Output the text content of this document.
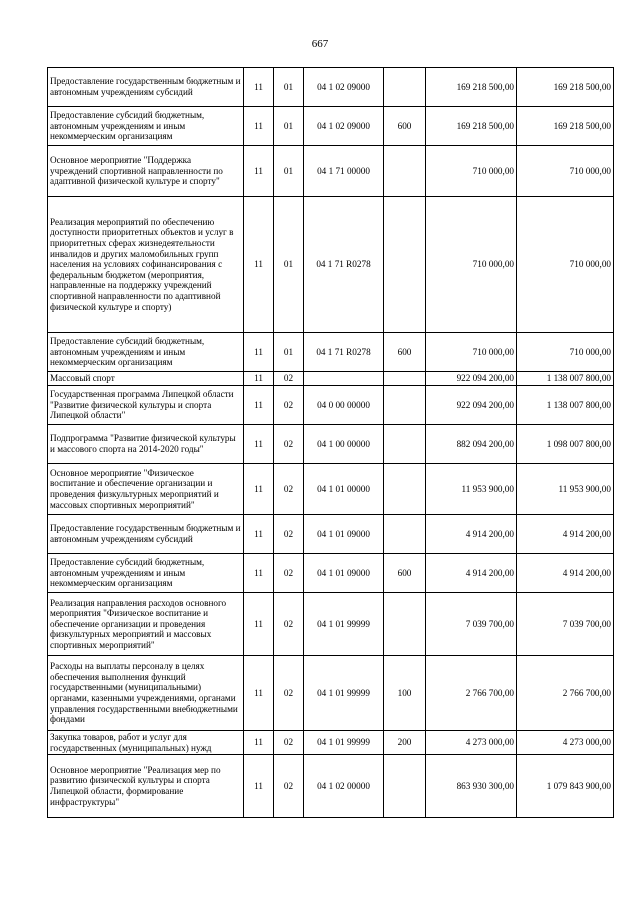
667
Предоставление государственным бюджетным и автономным учреждениям субсидий	11	01	04 1 02 09000		169 218 500,00	169 218 500,00
Предоставление субсидий бюджетным, автономным учреждениям и иным некоммерческим организациям	11	01	04 1 02 09000	600	169 218 500,00	169 218 500,00
Основное мероприятие "Поддержка учреждений спортивной направленности по адаптивной физической культуре и спорту"	11	01	04 1 71 00000		710 000,00	710 000,00
Реализация мероприятий по обеспечению доступности приоритетных объектов и услуг в приоритетных сферах жизнедеятельности инвалидов и других маломобильных групп населения на условиях софинансирования с федеральным бюджетом (мероприятия, направленные на поддержку учреждений спортивной направленности по адаптивной физической культуре и спорту)	11	01	04 1 71 R0278		710 000,00	710 000,00
Предоставление субсидий бюджетным, автономным учреждениям и иным некоммерческим организациям	11	01	04 1 71 R0278	600	710 000,00	710 000,00
Массовый спорт	11	02			922 094 200,00	1 138 007 800,00
Государственная программа Липецкой области "Развитие физической культуры и спорта Липецкой области"	11	02	04 0 00 00000		922 094 200,00	1 138 007 800,00
Подпрограмма "Развитие физической культуры и массового спорта на 2014-2020 годы"	11	02	04 1 00 00000		882 094 200,00	1 098 007 800,00
Основное мероприятие "Физическое воспитание и обеспечение организации и проведения физкультурных мероприятий и массовых спортивных мероприятий"	11	02	04 1 01 00000		11 953 900,00	11 953 900,00
Предоставление государственным бюджетным и автономным учреждениям субсидий	11	02	04 1 01 09000		4 914 200,00	4 914 200,00
Предоставление субсидий бюджетным, автономным учреждениям и иным некоммерческим организациям	11	02	04 1 01 09000	600	4 914 200,00	4 914 200,00
Реализация направления расходов основного мероприятия "Физическое воспитание и обеспечение организации и проведения физкультурных мероприятий и массовых спортивных мероприятий"	11	02	04 1 01 99999		7 039 700,00	7 039 700,00
Расходы на выплаты персоналу в целях обеспечения выполнения функций государственными (муниципальными) органами, казенными учреждениями, органами управления государственными внебюджетными фондами	11	02	04 1 01 99999	100	2 766 700,00	2 766 700,00
Закупка товаров, работ и услуг для государственных (муниципальных) нужд	11	02	04 1 01 99999	200	4 273 000,00	4 273 000,00
Основное мероприятие "Реализация мер по развитию физической культуры и спорта Липецкой области, формирование инфраструктуры"	11	02	04 1 02 00000		863 930 300,00	1 079 843 900,00
